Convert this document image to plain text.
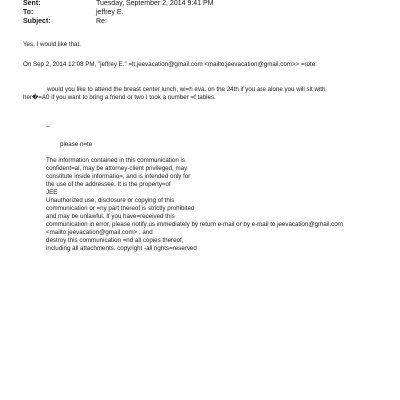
Sent:	Tuesday, September 2, 2014 9:41 PM
To:	jeffrey E.
Subject:	Re:
Yes, I would like that.
On Sep 2, 2014 12:08 PM, "jeffrey E." =lt;jeevacation@gmail.com <mailto:jeevacation@gmail.com>> =rote:
would you like to attend the breast center lunch, wi=h eva, on the 24th if you are alone you will sit with
her�=A0 if you want to bring a friend or two I took a number =f tables.
--
please n=te
The information contained in this communication is
confident=al, may be attorney-client privileged, may
constitute inside informatio=, and is intended only for
the use of the addressee. It is the property=of
JEE
Unauthorized use, disclosure or copying of this
communication or =ny part thereof is strictly prohibited
and may be unlawful. If you have=received this
communication in error, please notify us immediately by return e-mail or by e-mail to jeevacation@gmail.com
<mailto:jeevacation@gmail.com> , and
destroy this communication =nd all copies thereof,
including all attachments. copyright -all rights=reserved
